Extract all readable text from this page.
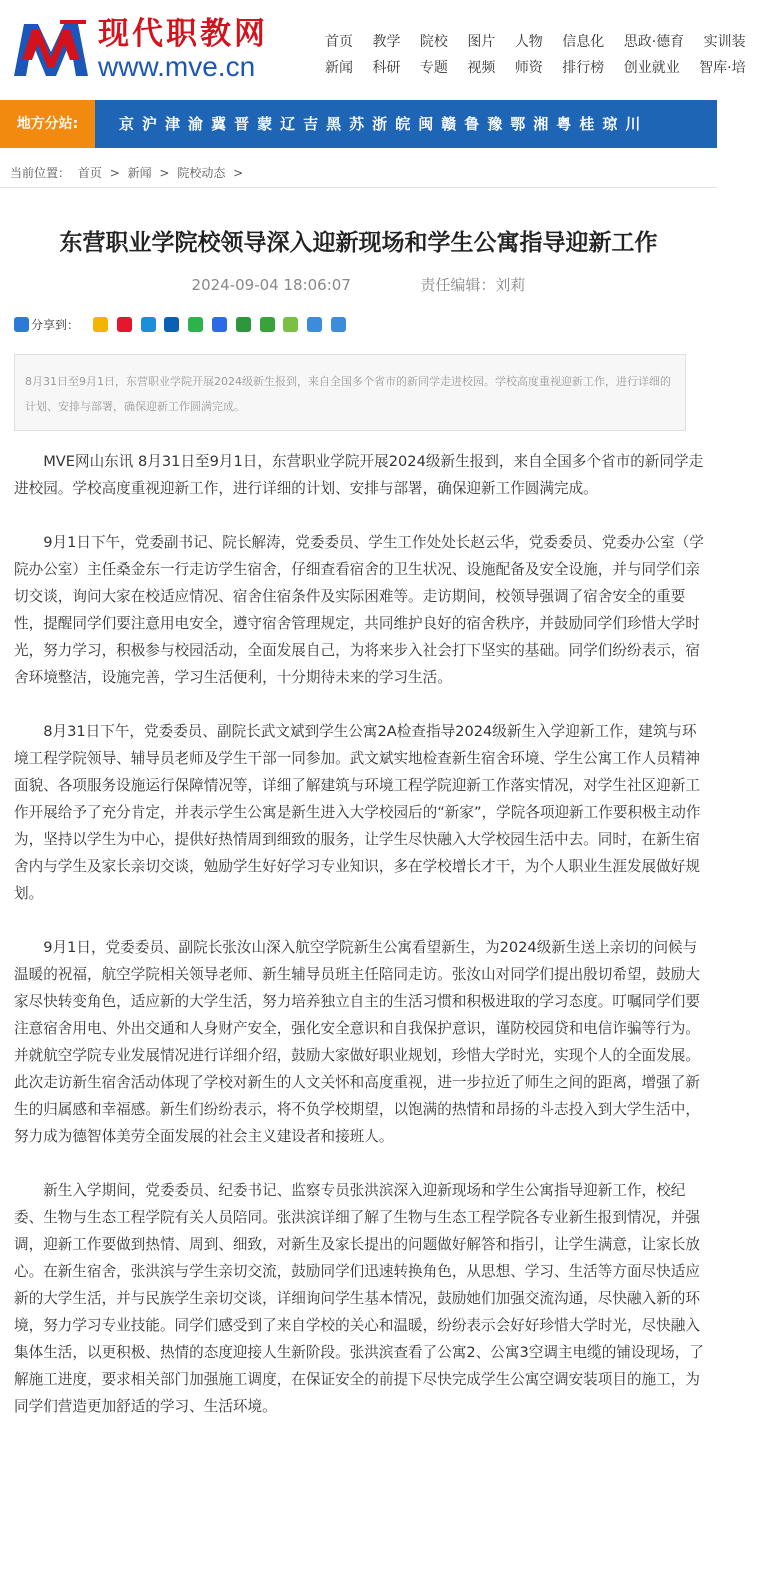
现代职教网
www.mve.cn
首页 教学 院校 图片 人物 信息化 思政·德育 实训装
新闻 科研 专题 视频 师资 排行榜 创业就业 智库·培
地方分站:	京 沪 津 渝 冀 晋 蒙 辽 吉 黑 苏 浙 皖 闽 赣 鲁 豫 鄂 湘 粤 桂 琼 川
当前位置： 首页 > 新闻 > 院校动态 >
东营职业学院校领导深入迎新现场和学生公寓指导迎新工作
2024-09-04 18:06:07	责任编辑：刘莉
分享到：
8月31日至9月1日，东营职业学院开展2024级新生报到，来自全国多个省市的新同学走进校园。学校高度重视迎新工作，进行详细的计划、安排与部署，确保迎新工作圆满完成。

MVE网山东讯 8月31日至9月1日，东营职业学院开展2024级新生报到，来自全国多个省市的新同学走进校园。学校高度重视迎新工作，进行详细的计划、安排与部署，确保迎新工作圆满完成。

9月1日下午，党委副书记、院长解涛，党委委员、学生工作处处长赵云华，党委委员、党委办公室（学院办公室）主任桑金东一行走访学生宿舍，仔细查看宿舍的卫生状况、设施配备及安全设施，并与同学们亲切交谈，询问大家在校适应情况、宿舍住宿条件及实际困难等。走访期间，校领导强调了宿舍安全的重要性，提醒同学们要注意用电安全，遵守宿舍管理规定，共同维护良好的宿舍秩序，并鼓励同学们珍惜大学时光，努力学习，积极参与校园活动，全面发展自己，为将来步入社会打下坚实的基础。同学们纷纷表示，宿舍环境整洁，设施完善，学习生活便利，十分期待未来的学习生活。

8月31日下午，党委委员、副院长武文斌到学生公寓2A检查指导2024级新生入学迎新工作，建筑与环境工程学院领导、辅导员老师及学生干部一同参加。武文斌实地检查新生宿舍环境、学生公寓工作人员精神面貌、各项服务设施运行保障情况等，详细了解建筑与环境工程学院迎新工作落实情况，对学生社区迎新工作开展给予了充分肯定，并表示学生公寓是新生进入大学校园后的“新家”，学院各项迎新工作要积极主动作为，坚持以学生为中心，提供好热情周到细致的服务，让学生尽快融入大学校园生活中去。同时，在新生宿舍内与学生及家长亲切交谈，勉励学生好好学习专业知识，多在学校增长才干，为个人职业生涯发展做好规划。

9月1日，党委委员、副院长张汝山深入航空学院新生公寓看望新生，为2024级新生送上亲切的问候与温暖的祝福，航空学院相关领导老师、新生辅导员班主任陪同走访。张汝山对同学们提出殷切希望，鼓励大家尽快转变角色，适应新的大学生活，努力培养独立自主的生活习惯和积极进取的学习态度。叮嘱同学们要注意宿舍用电、外出交通和人身财产安全，强化安全意识和自我保护意识，谨防校园贷和电信诈骗等行为。并就航空学院专业发展情况进行详细介绍，鼓励大家做好职业规划，珍惜大学时光，实现个人的全面发展。此次走访新生宿舍活动体现了学校对新生的人文关怀和高度重视，进一步拉近了师生之间的距离，增强了新生的归属感和幸福感。新生们纷纷表示，将不负学校期望，以饱满的热情和昂扬的斗志投入到大学生活中，努力成为德智体美劳全面发展的社会主义建设者和接班人。

新生入学期间，党委委员、纪委书记、监察专员张洪滨深入迎新现场和学生公寓指导迎新工作，校纪委、生物与生态工程学院有关人员陪同。张洪滨详细了解了生物与生态工程学院各专业新生报到情况，并强调，迎新工作要做到热情、周到、细致，对新生及家长提出的问题做好解答和指引，让学生满意，让家长放心。在新生宿舍，张洪滨与学生亲切交流，鼓励同学们迅速转换角色，从思想、学习、生活等方面尽快适应新的大学生活，并与民族学生亲切交谈，详细询问学生基本情况，鼓励她们加强交流沟通，尽快融入新的环境，努力学习专业技能。同学们感受到了来自学校的关心和温暖，纷纷表示会好好珍惜大学时光，尽快融入集体生活，以更积极、热情的态度迎接人生新阶段。张洪滨查看了公寓2、公寓3空调主电缆的铺设现场，了解施工进度，要求相关部门加强施工调度，在保证安全的前提下尽快完成学生公寓空调安装项目的施工，为同学们营造更加舒适的学习、生活环境。
